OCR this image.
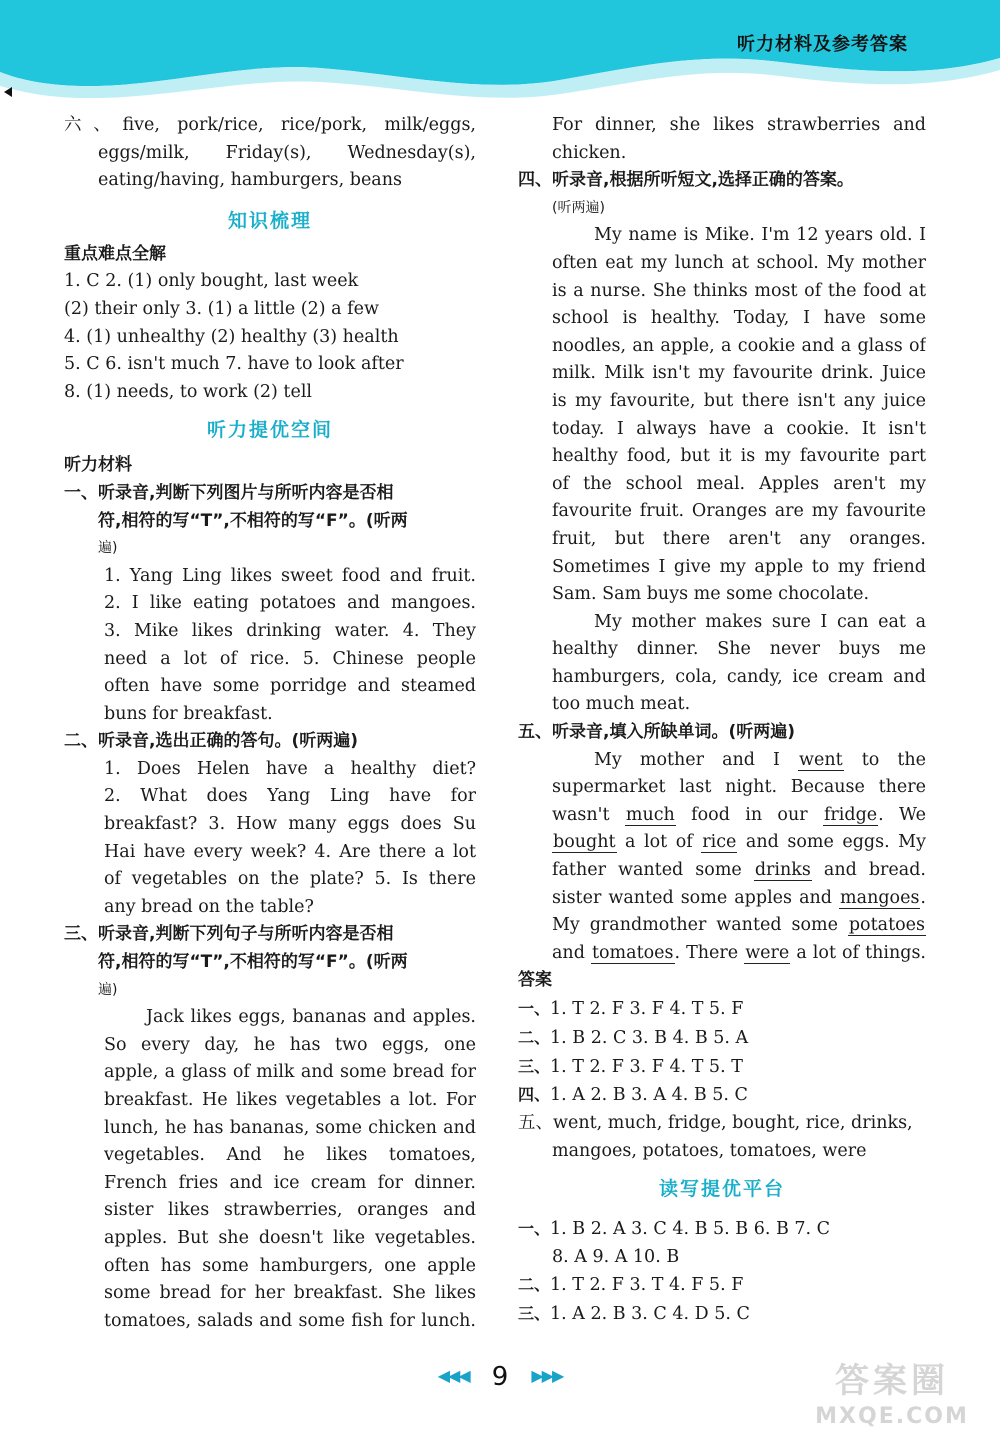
听力材料及参考答案
六、five, pork/rice, rice/pork, milk/eggs,
eggs/milk, Friday(s), Wednesday(s),
eating/having, hamburgers, beans
知识梳理
重点难点全解
1. C 2. (1) only bought, last week
(2) their only 3. (1) a little (2) a few
4. (1) unhealthy (2) healthy (3) health
5. C 6. isn't much 7. have to look after
8. (1) needs, to work (2) tell
听力提优空间
听力材料
一、听录音,判断下列图片与所听内容是否相
符,相符的写“T”,不相符的写“F”。(听两
遍)
1. Yang Ling likes sweet food and fruit.
2. I like eating potatoes and mangoes.
3. Mike likes drinking water. 4. They
need a lot of rice. 5. Chinese people
often have some porridge and steamed
buns for breakfast.
二、听录音,选出正确的答句。(听两遍)
1. Does Helen have a healthy diet?
2. What does Yang Ling have for
breakfast? 3. How many eggs does Su
Hai have every week? 4. Are there a lot
of vegetables on the plate? 5. Is there
any bread on the table?
三、听录音,判断下列句子与所听内容是否相
符,相符的写“T”,不相符的写“F”。(听两
遍)
Jack likes eggs, bananas and apples.
So every day, he has two eggs, one
apple, a glass of milk and some bread for
breakfast. He likes vegetables a lot. For
lunch, he has bananas, some chicken and
vegetables. And he likes tomatoes,
French fries and ice cream for dinner.
sister likes strawberries, oranges and
apples. But she doesn't like vegetables.
often has some hamburgers, one apple
some bread for her breakfast. She likes
tomatoes, salads and some fish for lunch.
For dinner, she likes strawberries and
chicken.
四、听录音,根据所听短文,选择正确的答案。
(听两遍)
My name is Mike. I'm 12 years old. I
often eat my lunch at school. My mother
is a nurse. She thinks most of the food at
school is healthy. Today, I have some
noodles, an apple, a cookie and a glass of
milk. Milk isn't my favourite drink. Juice
is my favourite, but there isn't any juice
today. I always have a cookie. It isn't
healthy food, but it is my favourite part
of the school meal. Apples aren't my
favourite fruit. Oranges are my favourite
fruit, but there aren't any oranges.
Sometimes I give my apple to my friend
Sam. Sam buys me some chocolate.
My mother makes sure I can eat a
healthy dinner. She never buys me
hamburgers, cola, candy, ice cream and
too much meat.
五、听录音,填入所缺单词。(听两遍)
My mother and I went to the
supermarket last night. Because there
wasn't much food in our fridge. We
bought a lot of rice and some eggs. My
father wanted some drinks and bread.
sister wanted some apples and mangoes.
My grandmother wanted some potatoes
and tomatoes. There were a lot of things.
答案
一、1. T 2. F 3. F 4. T 5. F
二、1. B 2. C 3. B 4. B 5. A
三、1. T 2. F 3. F 4. T 5. T
四、1. A 2. B 3. A 4. B 5. C
五、went, much, fridge, bought, rice, drinks,
mangoes, potatoes, tomatoes, were
读写提优平台
一、1. B 2. A 3. C 4. B 5. B 6. B 7. C
8. A 9. A 10. B
二、1. T 2. F 3. T 4. F 5. F
三、1. A 2. B 3. C 4. D 5. C
◀◀◀ 9 ▶▶▶	答案圈
MXQE.COM
